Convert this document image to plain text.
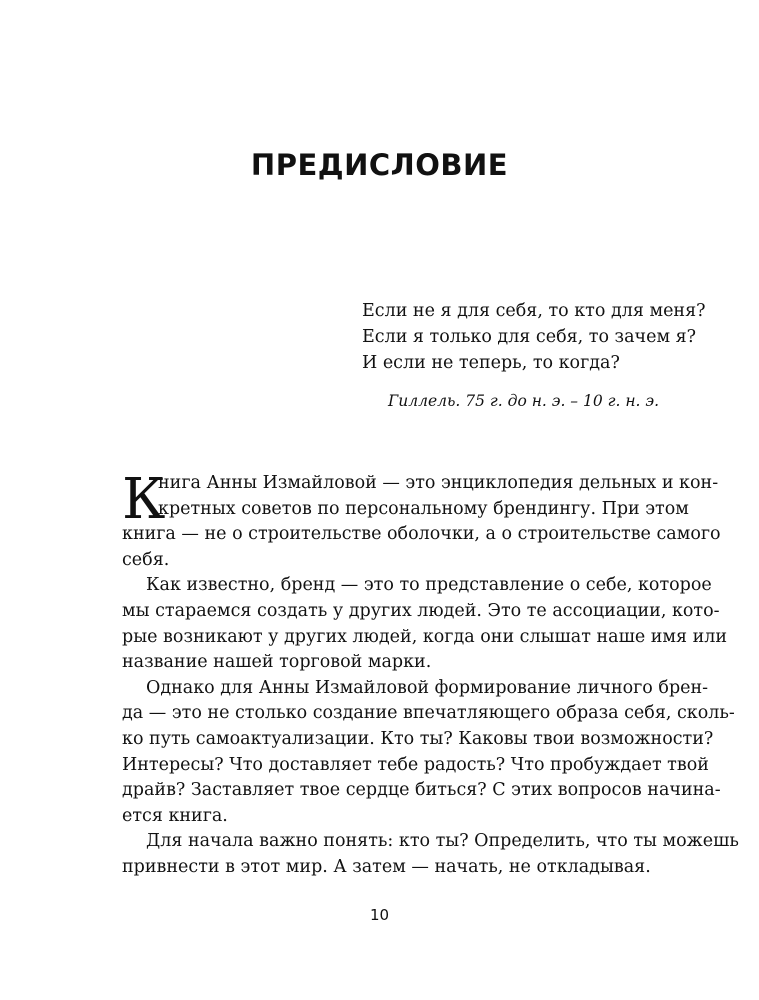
ПРЕДИСЛОВИЕ
Если не я для себя, то кто для меня?
Если я только для себя, то зачем я?
И если не теперь, то когда?
Гиллель. 75 г. до н. э. – 10 г. н. э.
К
нига Анны Измайловой — это энциклопедия дельных и кон-
кретных советов по персональному брендингу. При этом
книга — не о строительстве оболочки, а о строительстве самого
себя.
Как известно, бренд — это то представление о себе, которое
мы стараемся создать у других людей. Это те ассоциации, кото-
рые возникают у других людей, когда они слышат наше имя или
название нашей торговой марки.
Однако для Анны Измайловой формирование личного брен-
да — это не столько создание впечатляющего образа себя, сколь-
ко путь самоактуализации. Кто ты? Каковы твои возможности?
Интересы? Что доставляет тебе радость? Что пробуждает твой
драйв? Заставляет твое сердце биться? С этих вопросов начина-
ется книга.
Для начала важно понять: кто ты? Определить, что ты можешь
привнести в этот мир. А затем — начать, не откладывая.
10
